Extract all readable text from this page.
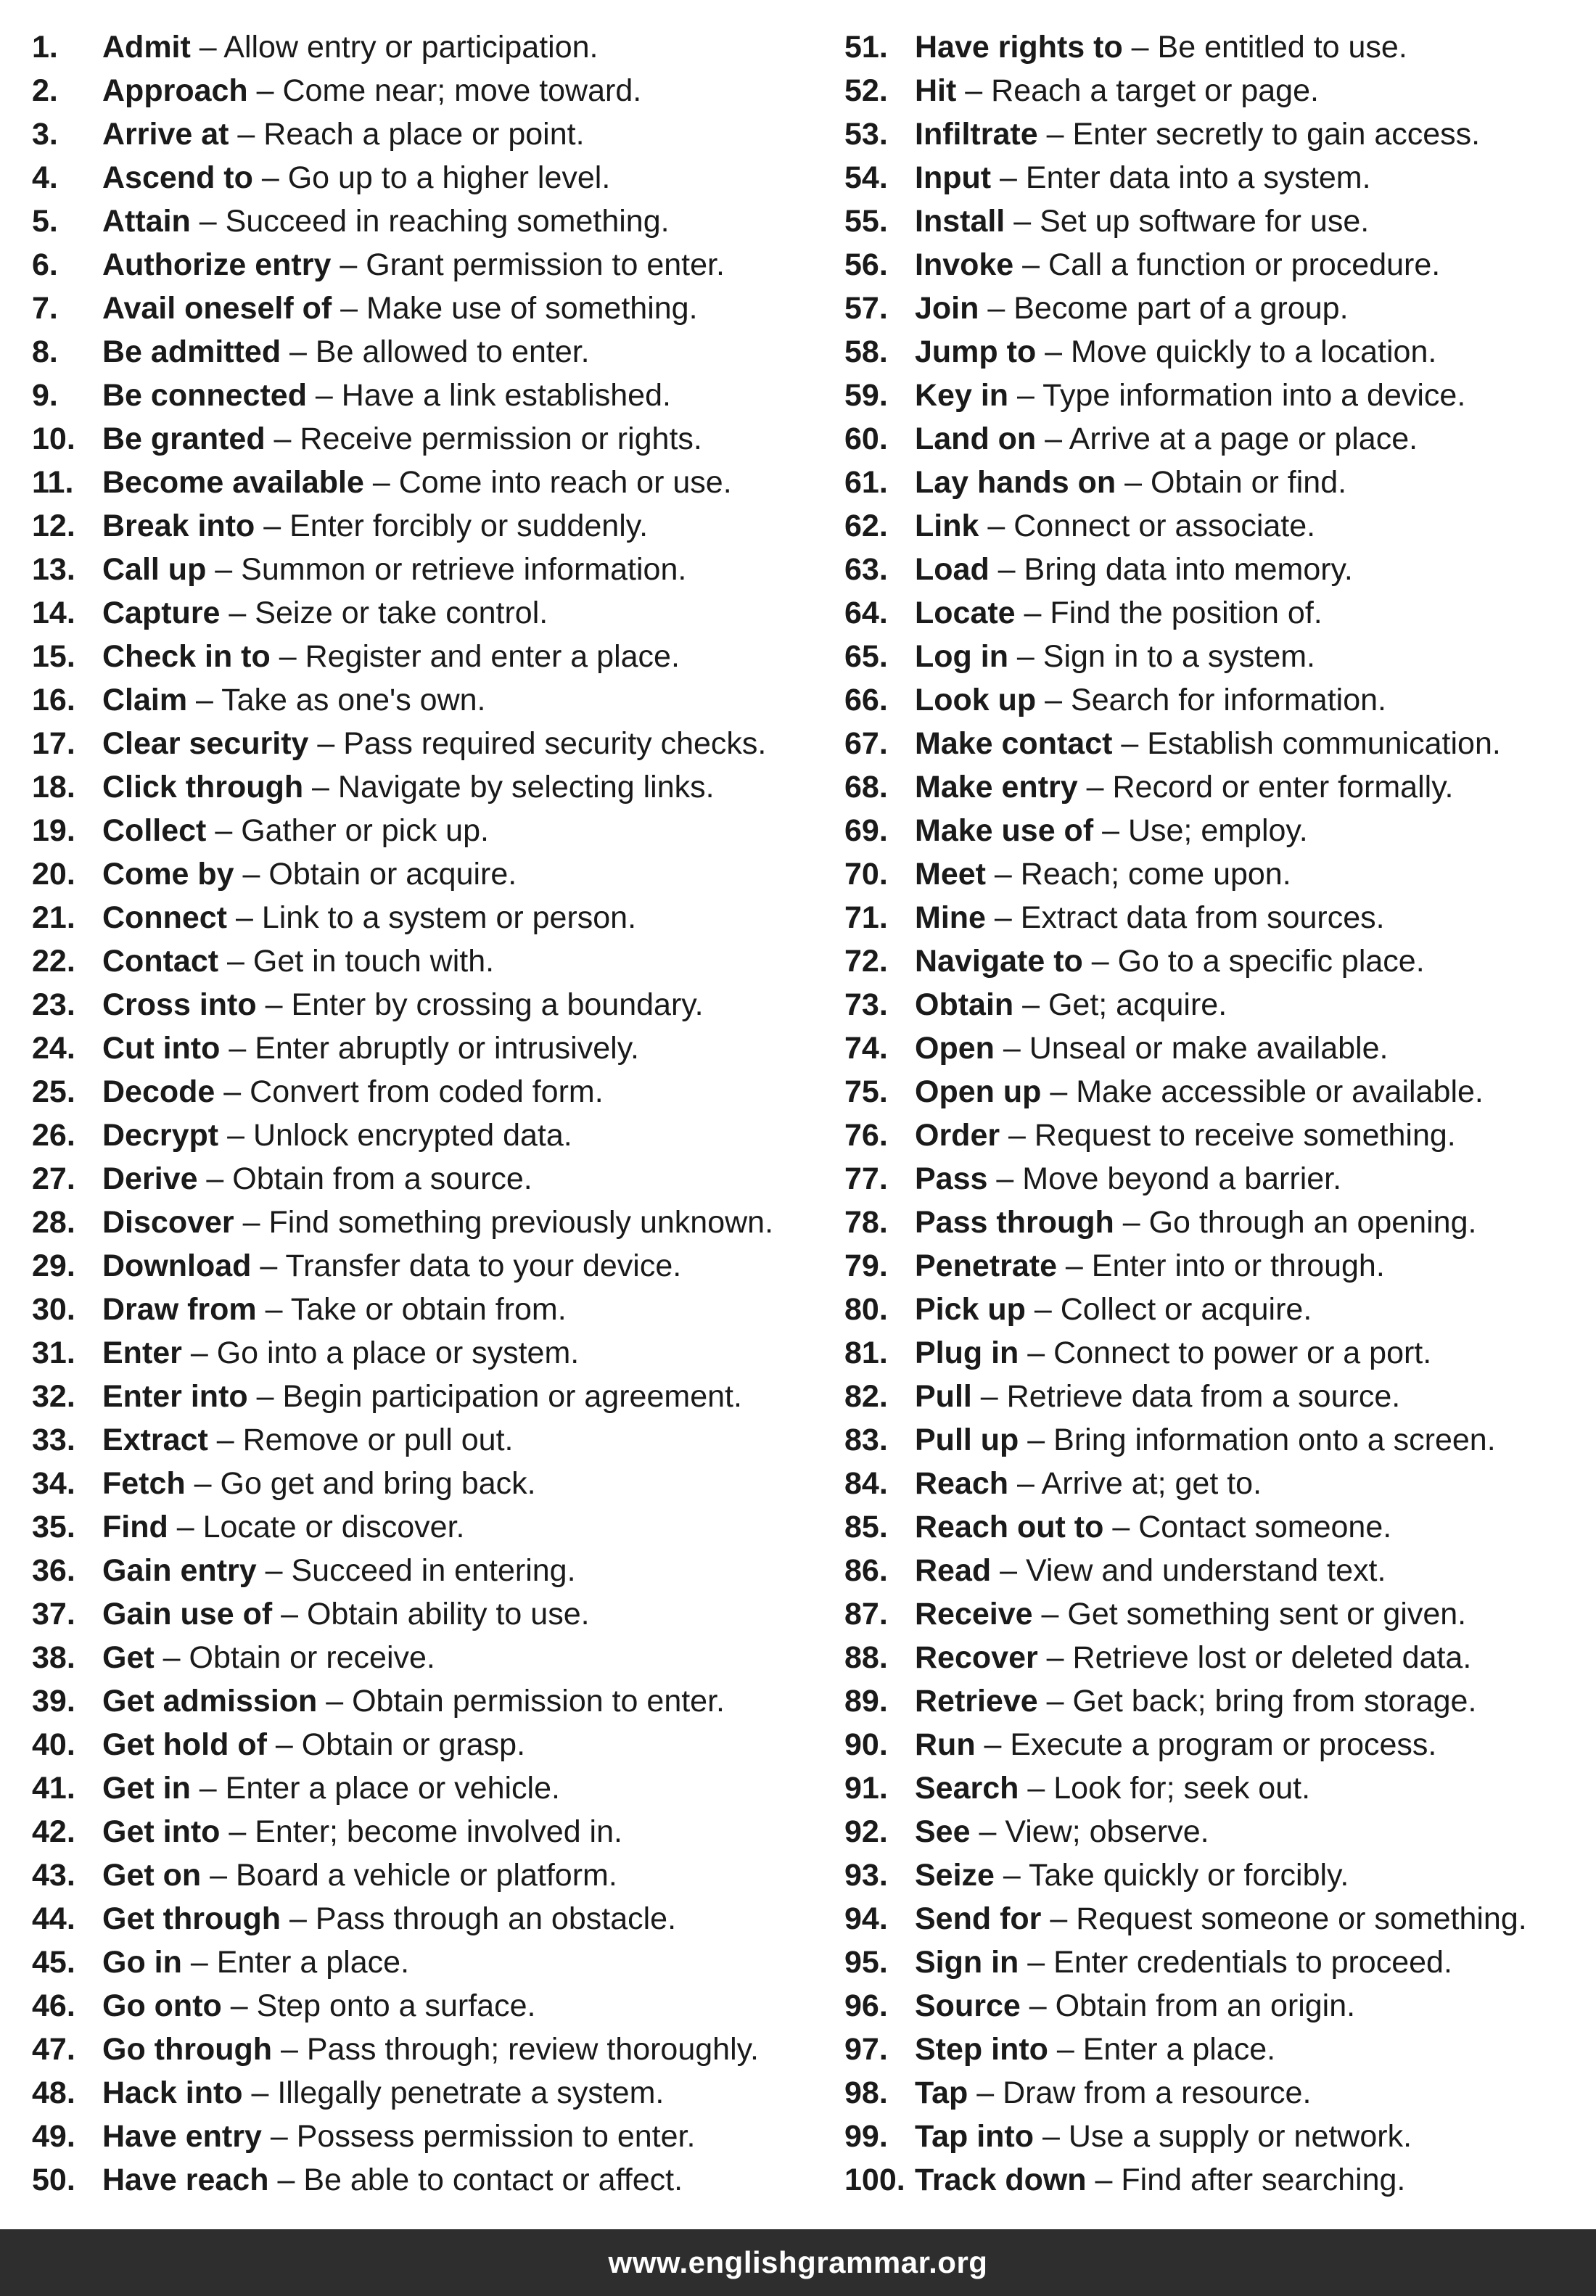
1. Admit – Allow entry or participation.
2. Approach – Come near; move toward.
3. Arrive at – Reach a place or point.
4. Ascend to – Go up to a higher level.
5. Attain – Succeed in reaching something.
6. Authorize entry – Grant permission to enter.
7. Avail oneself of – Make use of something.
8. Be admitted – Be allowed to enter.
9. Be connected – Have a link established.
10. Be granted – Receive permission or rights.
11. Become available – Come into reach or use.
12. Break into – Enter forcibly or suddenly.
13. Call up – Summon or retrieve information.
14. Capture – Seize or take control.
15. Check in to – Register and enter a place.
16. Claim – Take as one's own.
17. Clear security – Pass required security checks.
18. Click through – Navigate by selecting links.
19. Collect – Gather or pick up.
20. Come by – Obtain or acquire.
21. Connect – Link to a system or person.
22. Contact – Get in touch with.
23. Cross into – Enter by crossing a boundary.
24. Cut into – Enter abruptly or intrusively.
25. Decode – Convert from coded form.
26. Decrypt – Unlock encrypted data.
27. Derive – Obtain from a source.
28. Discover – Find something previously unknown.
29. Download – Transfer data to your device.
30. Draw from – Take or obtain from.
31. Enter – Go into a place or system.
32. Enter into – Begin participation or agreement.
33. Extract – Remove or pull out.
34. Fetch – Go get and bring back.
35. Find – Locate or discover.
36. Gain entry – Succeed in entering.
37. Gain use of – Obtain ability to use.
38. Get – Obtain or receive.
39. Get admission – Obtain permission to enter.
40. Get hold of – Obtain or grasp.
41. Get in – Enter a place or vehicle.
42. Get into – Enter; become involved in.
43. Get on – Board a vehicle or platform.
44. Get through – Pass through an obstacle.
45. Go in – Enter a place.
46. Go onto – Step onto a surface.
47. Go through – Pass through; review thoroughly.
48. Hack into – Illegally penetrate a system.
49. Have entry – Possess permission to enter.
50. Have reach – Be able to contact or affect.
51. Have rights to – Be entitled to use.
52. Hit – Reach a target or page.
53. Infiltrate – Enter secretly to gain access.
54. Input – Enter data into a system.
55. Install – Set up software for use.
56. Invoke – Call a function or procedure.
57. Join – Become part of a group.
58. Jump to – Move quickly to a location.
59. Key in – Type information into a device.
60. Land on – Arrive at a page or place.
61. Lay hands on – Obtain or find.
62. Link – Connect or associate.
63. Load – Bring data into memory.
64. Locate – Find the position of.
65. Log in – Sign in to a system.
66. Look up – Search for information.
67. Make contact – Establish communication.
68. Make entry – Record or enter formally.
69. Make use of – Use; employ.
70. Meet – Reach; come upon.
71. Mine – Extract data from sources.
72. Navigate to – Go to a specific place.
73. Obtain – Get; acquire.
74. Open – Unseal or make available.
75. Open up – Make accessible or available.
76. Order – Request to receive something.
77. Pass – Move beyond a barrier.
78. Pass through – Go through an opening.
79. Penetrate – Enter into or through.
80. Pick up – Collect or acquire.
81. Plug in – Connect to power or a port.
82. Pull – Retrieve data from a source.
83. Pull up – Bring information onto a screen.
84. Reach – Arrive at; get to.
85. Reach out to – Contact someone.
86. Read – View and understand text.
87. Receive – Get something sent or given.
88. Recover – Retrieve lost or deleted data.
89. Retrieve – Get back; bring from storage.
90. Run – Execute a program or process.
91. Search – Look for; seek out.
92. See – View; observe.
93. Seize – Take quickly or forcibly.
94. Send for – Request someone or something.
95. Sign in – Enter credentials to proceed.
96. Source – Obtain from an origin.
97. Step into – Enter a place.
98. Tap – Draw from a resource.
99. Tap into – Use a supply or network.
100. Track down – Find after searching.
www.englishgrammar.org
